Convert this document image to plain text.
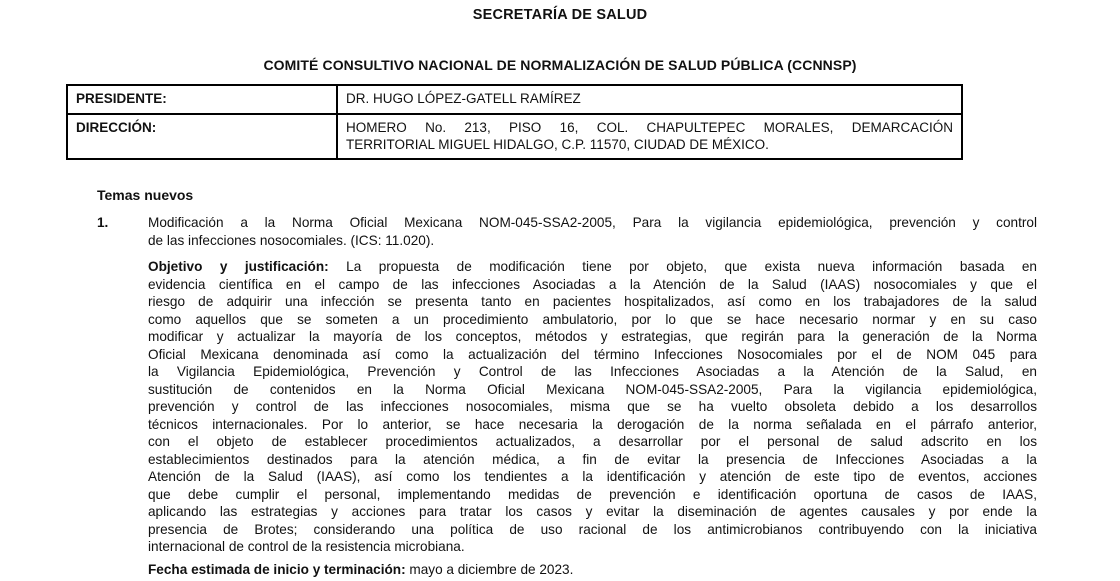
SECRETARÍA DE SALUD
COMITÉ CONSULTIVO NACIONAL DE NORMALIZACIÓN DE SALUD PÚBLICA (CCNNSP)
PRESIDENTE:	DR. HUGO LÓPEZ-GATELL RAMÍREZ

DIRECCIÓN:	HOMERO No. 213, PISO 16, COL. CHAPULTEPEC MORALES, DEMARCACIÓN
TERRITORIAL MIGUEL HIDALGO, C.P. 11570, CIUDAD DE MÉXICO.
Temas nuevos
1.	Modificación a la Norma Oficial Mexicana NOM-045-SSA2-2005, Para la vigilancia epidemiológica, prevención y control
de las infecciones nosocomiales. (ICS: 11.020).
Objetivo y justificación: La propuesta de modificación tiene por objeto, que exista nueva información basada en
evidencia científica en el campo de las infecciones Asociadas a la Atención de la Salud (IAAS) nosocomiales y que el
riesgo de adquirir una infección se presenta tanto en pacientes hospitalizados, así como en los trabajadores de la salud
como aquellos que se someten a un procedimiento ambulatorio, por lo que se hace necesario normar y en su caso
modificar y actualizar la mayoría de los conceptos, métodos y estrategias, que regirán para la generación de la Norma
Oficial Mexicana denominada así como la actualización del término Infecciones Nosocomiales por el de NOM 045 para
la Vigilancia Epidemiológica, Prevención y Control de las Infecciones Asociadas a la Atención de la Salud, en
sustitución de contenidos en la Norma Oficial Mexicana NOM-045-SSA2-2005, Para la vigilancia epidemiológica,
prevención y control de las infecciones nosocomiales, misma que se ha vuelto obsoleta debido a los desarrollos
técnicos internacionales. Por lo anterior, se hace necesaria la derogación de la norma señalada en el párrafo anterior,
con el objeto de establecer procedimientos actualizados, a desarrollar por el personal de salud adscrito en los
establecimientos destinados para la atención médica, a fin de evitar la presencia de Infecciones Asociadas a la
Atención de la Salud (IAAS), así como los tendientes a la identificación y atención de este tipo de eventos, acciones
que debe cumplir el personal, implementando medidas de prevención e identificación oportuna de casos de IAAS,
aplicando las estrategias y acciones para tratar los casos y evitar la diseminación de agentes causales y por ende la
presencia de Brotes; considerando una política de uso racional de los antimicrobianos contribuyendo con la iniciativa
internacional de control de la resistencia microbiana.
Fecha estimada de inicio y terminación: mayo a diciembre de 2023.
